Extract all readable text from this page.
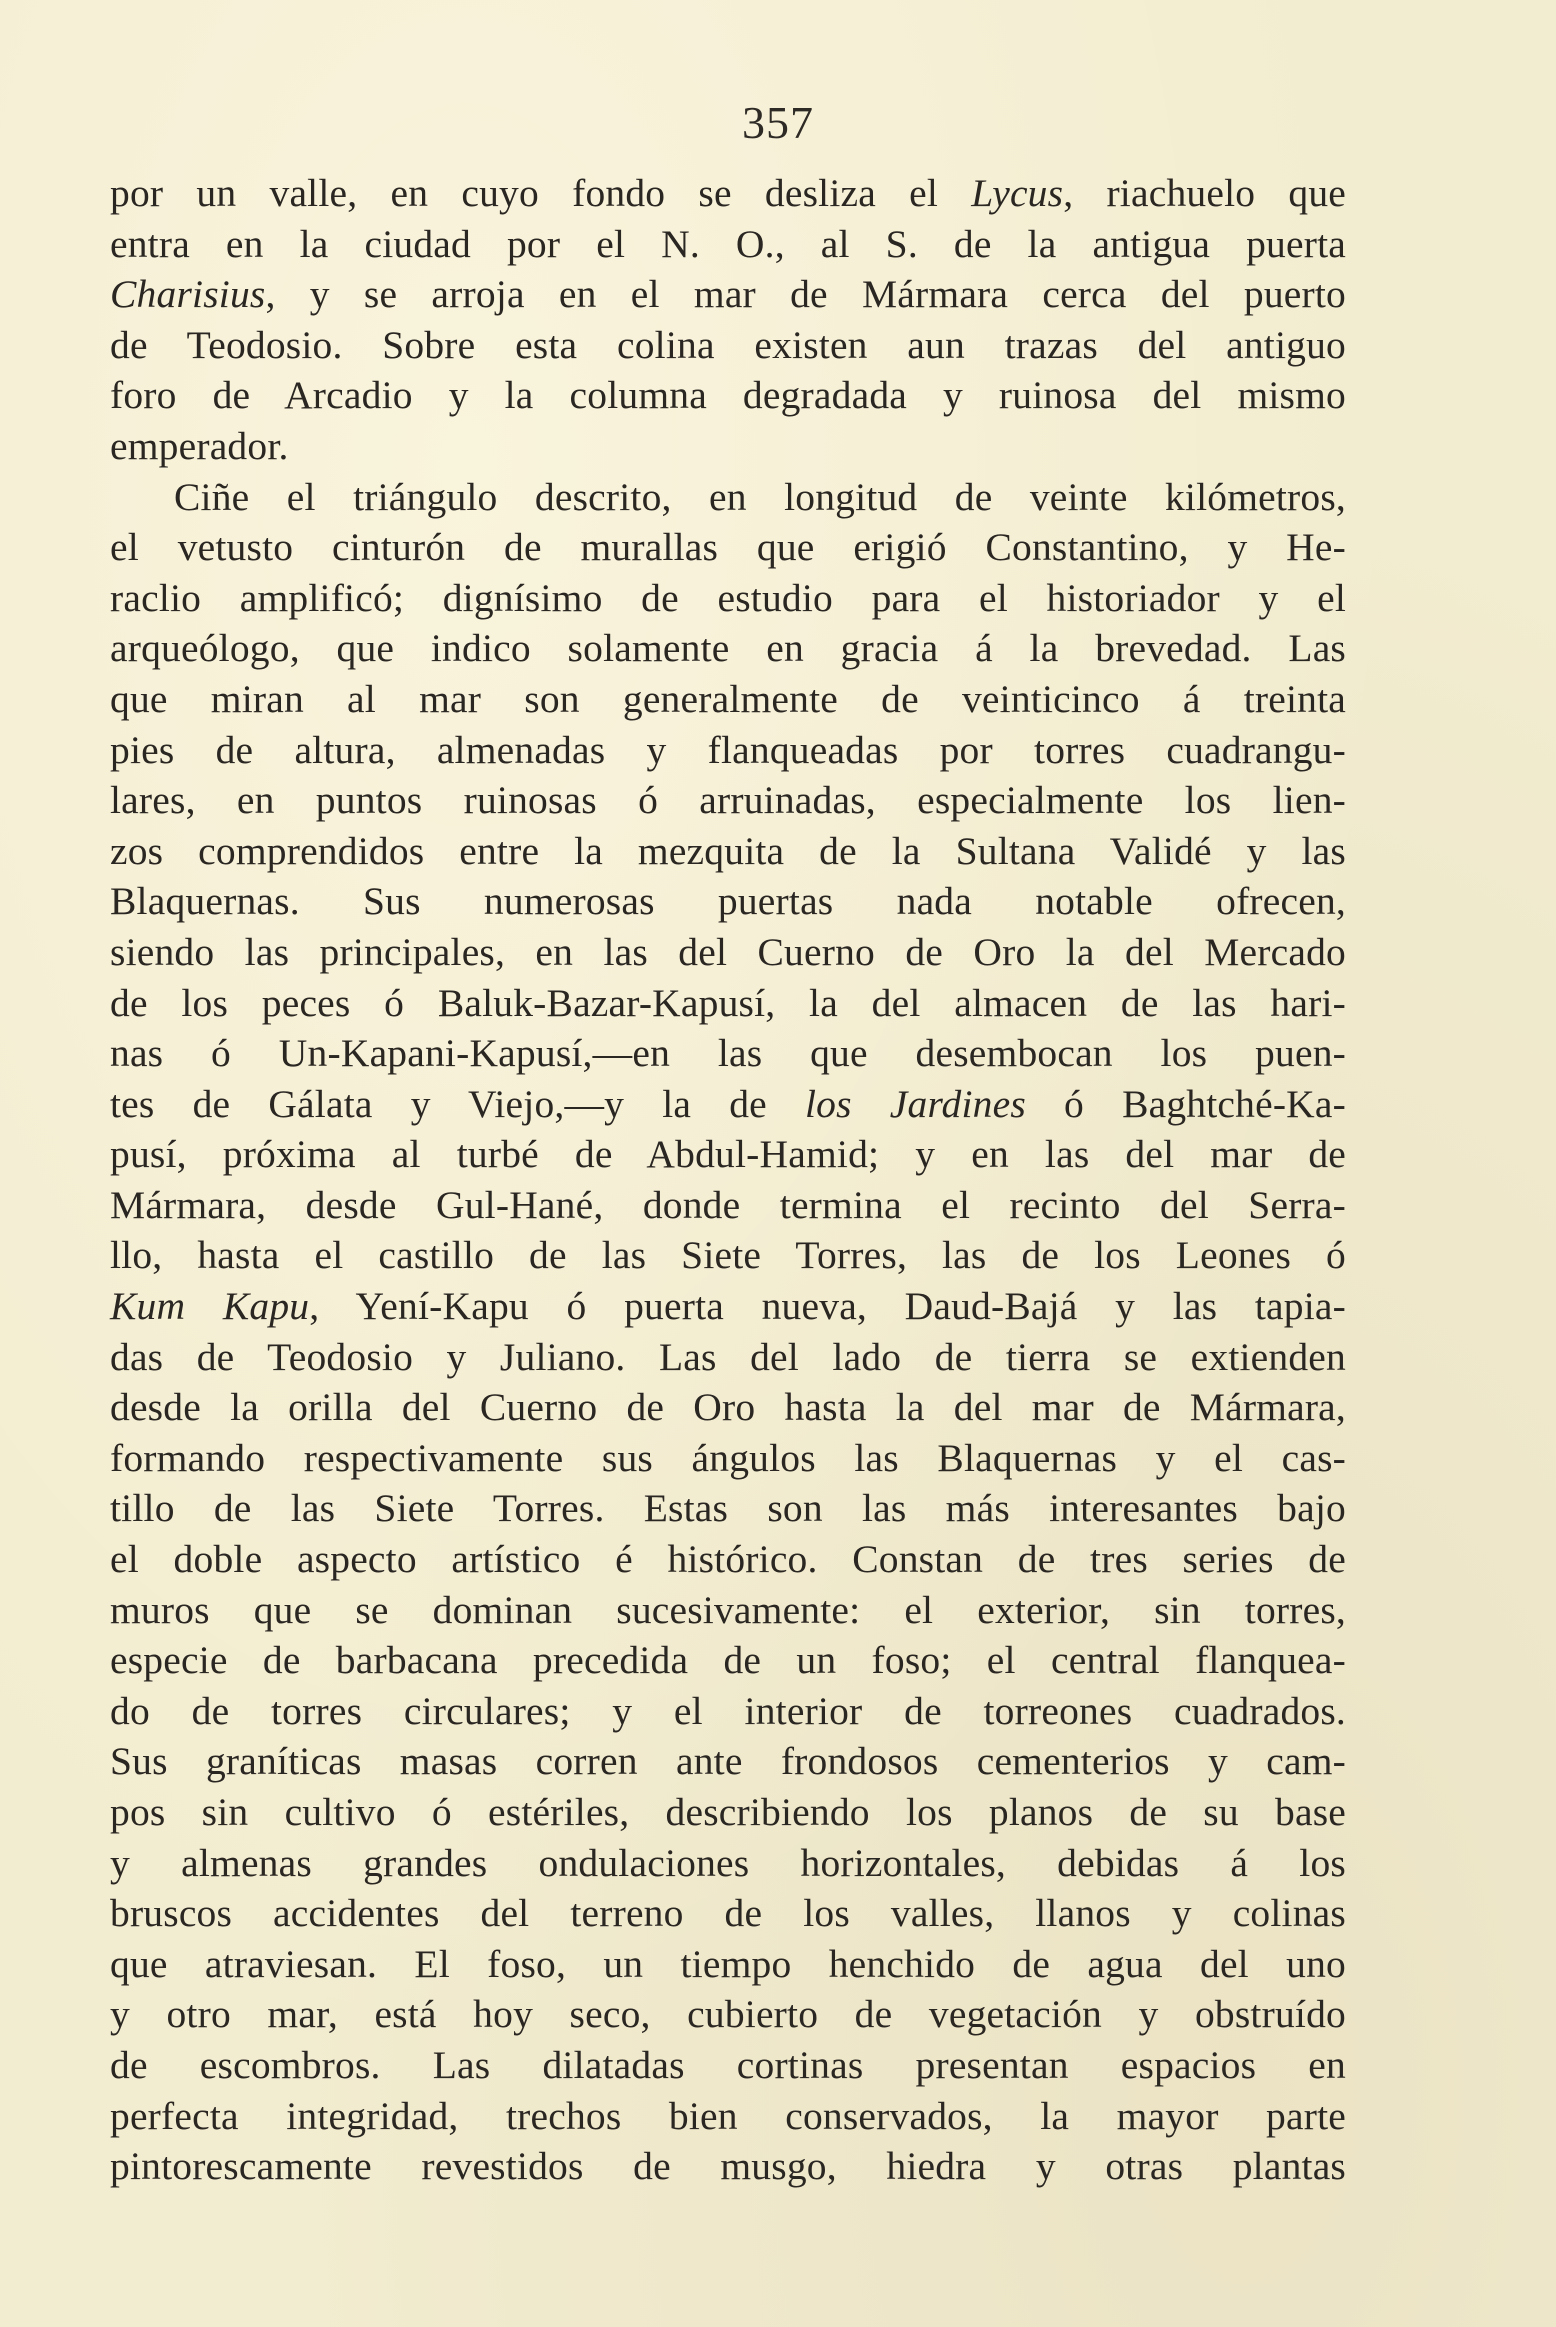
357
por un valle, en cuyo fondo se desliza el Lycus, riachuelo que
entra en la ciudad por el N. O., al S. de la antigua puerta
Charisius, y se arroja en el mar de Mármara cerca del puerto
de Teodosio. Sobre esta colina existen aun trazas del antiguo
foro de Arcadio y la columna degradada y ruinosa del mismo
emperador.
Ciñe el triángulo descrito, en longitud de veinte kilómetros,
el vetusto cinturón de murallas que erigió Constantino, y He-
raclio amplificó; dignísimo de estudio para el historiador y el
arqueólogo, que indico solamente en gracia á la brevedad. Las
que miran al mar son generalmente de veinticinco á treinta
pies de altura, almenadas y flanqueadas por torres cuadrangu-
lares, en puntos ruinosas ó arruinadas, especialmente los lien-
zos comprendidos entre la mezquita de la Sultana Validé y las
Blaquernas. Sus numerosas puertas nada notable ofrecen,
siendo las principales, en las del Cuerno de Oro la del Mercado
de los peces ó Baluk-Bazar-Kapusí, la del almacen de las hari-
nas ó Un-Kapani-Kapusí,—en las que desembocan los puen-
tes de Gálata y Viejo,—y la de los Jardines ó Baghtché-Ka-
pusí, próxima al turbé de Abdul-Hamid; y en las del mar de
Mármara, desde Gul-Hané, donde termina el recinto del Serra-
llo, hasta el castillo de las Siete Torres, las de los Leones ó
Kum Kapu, Yení-Kapu ó puerta nueva, Daud-Bajá y las tapia-
das de Teodosio y Juliano. Las del lado de tierra se extienden
desde la orilla del Cuerno de Oro hasta la del mar de Mármara,
formando respectivamente sus ángulos las Blaquernas y el cas-
tillo de las Siete Torres. Estas son las más interesantes bajo
el doble aspecto artístico é histórico. Constan de tres series de
muros que se dominan sucesivamente: el exterior, sin torres,
especie de barbacana precedida de un foso; el central flanquea-
do de torres circulares; y el interior de torreones cuadrados.
Sus graníticas masas corren ante frondosos cementerios y cam-
pos sin cultivo ó estériles, describiendo los planos de su base
y almenas grandes ondulaciones horizontales, debidas á los
bruscos accidentes del terreno de los valles, llanos y colinas
que atraviesan. El foso, un tiempo henchido de agua del uno
y otro mar, está hoy seco, cubierto de vegetación y obstruído
de escombros. Las dilatadas cortinas presentan espacios en
perfecta integridad, trechos bien conservados, la mayor parte
pintorescamente revestidos de musgo, hiedra y otras plantas
